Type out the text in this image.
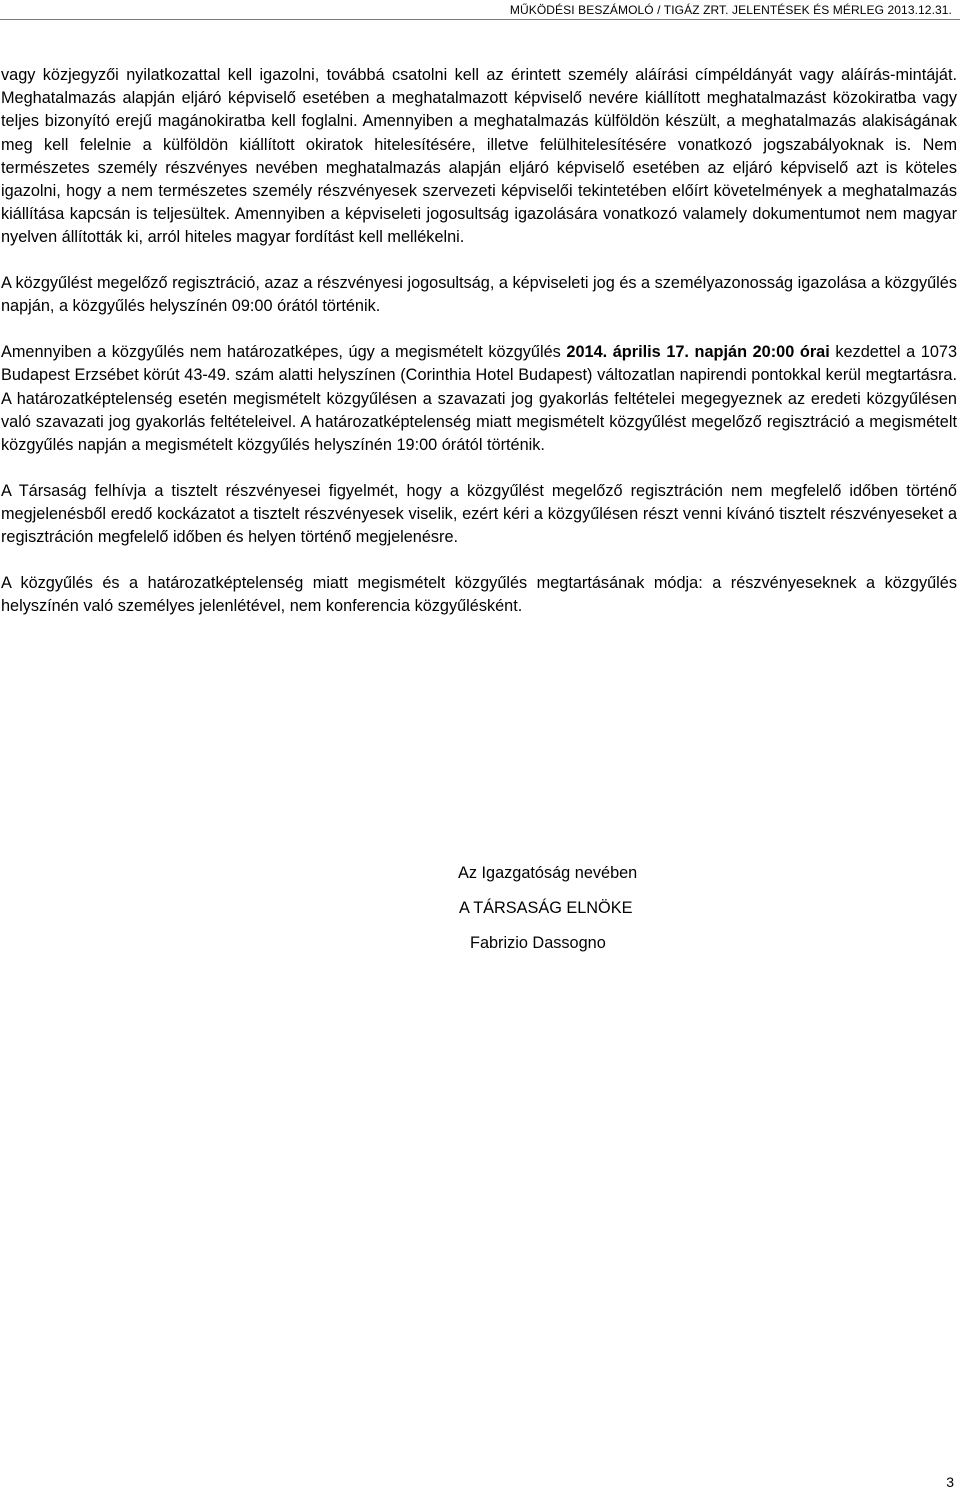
MŰKÖDÉSI BESZÁMOLÓ / TIGÁZ ZRT. JELENTÉSEK ÉS MÉRLEG 2013.12.31.

vagy közjegyzői nyilatkozattal kell igazolni, továbbá csatolni kell az érintett személy aláírási címpéldányát vagy aláírás-mintáját. Meghatalmazás alapján eljáró képviselő esetében a meghatalmazott képviselő nevére kiállított meghatalmazást közokiratba vagy teljes bizonyító erejű magánokiratba kell foglalni. Amennyiben a meghatalmazás külföldön készült, a meghatalmazás alakiságának meg kell felelnie a külföldön kiállított okiratok hitelesítésére, illetve felülhitelesítésére vonatkozó jogszabályoknak is. Nem természetes személy részvényes nevében meghatalmazás alapján eljáró képviselő esetében az eljáró képviselő azt is köteles igazolni, hogy a nem természetes személy részvényesek szervezeti képviselői tekintetében előírt követelmények a meghatalmazás kiállítása kapcsán is teljesültek. Amennyiben a képviseleti jogosultság igazolására vonatkozó valamely dokumentumot nem magyar nyelven állították ki, arról hiteles magyar fordítást kell mellékelni.

A közgyűlést megelőző regisztráció, azaz a részvényesi jogosultság, a képviseleti jog és a személyazonosság igazolása a közgyűlés napján, a közgyűlés helyszínén 09:00 órától történik.

Amennyiben a közgyűlés nem határozatképes, úgy a megismételt közgyűlés 2014. április 17. napján 20:00 órai kezdettel a 1073 Budapest Erzsébet körút 43-49. szám alatti helyszínen (Corinthia Hotel Budapest) változatlan napirendi pontokkal kerül megtartásra. A határozatképtelenség esetén megismételt közgyűlésen a szavazati jog gyakorlás feltételei megegyeznek az eredeti közgyűlésen való szavazati jog gyakorlás feltételeivel. A határozatképtelenség miatt megismételt közgyűlést megelőző regisztráció a megismételt közgyűlés napján a megismételt közgyűlés helyszínén 19:00 órától történik.

A Társaság felhívja a tisztelt részvényesei figyelmét, hogy a közgyűlést megelőző regisztráción nem megfelelő időben történő megjelenésből eredő kockázatot a tisztelt részvényesek viselik, ezért kéri a közgyűlésen részt venni kívánó tisztelt részvényeseket a regisztráción megfelelő időben és helyen történő megjelenésre.

A közgyűlés és a határozatképtelenség miatt megismételt közgyűlés megtartásának módja: a részvényeseknek a közgyűlés helyszínén való személyes jelenlétével, nem konferencia közgyűlésként.

Az Igazgatóság nevében
A TÁRSASÁG ELNÖKE
Fabrizio Dassogno
3
